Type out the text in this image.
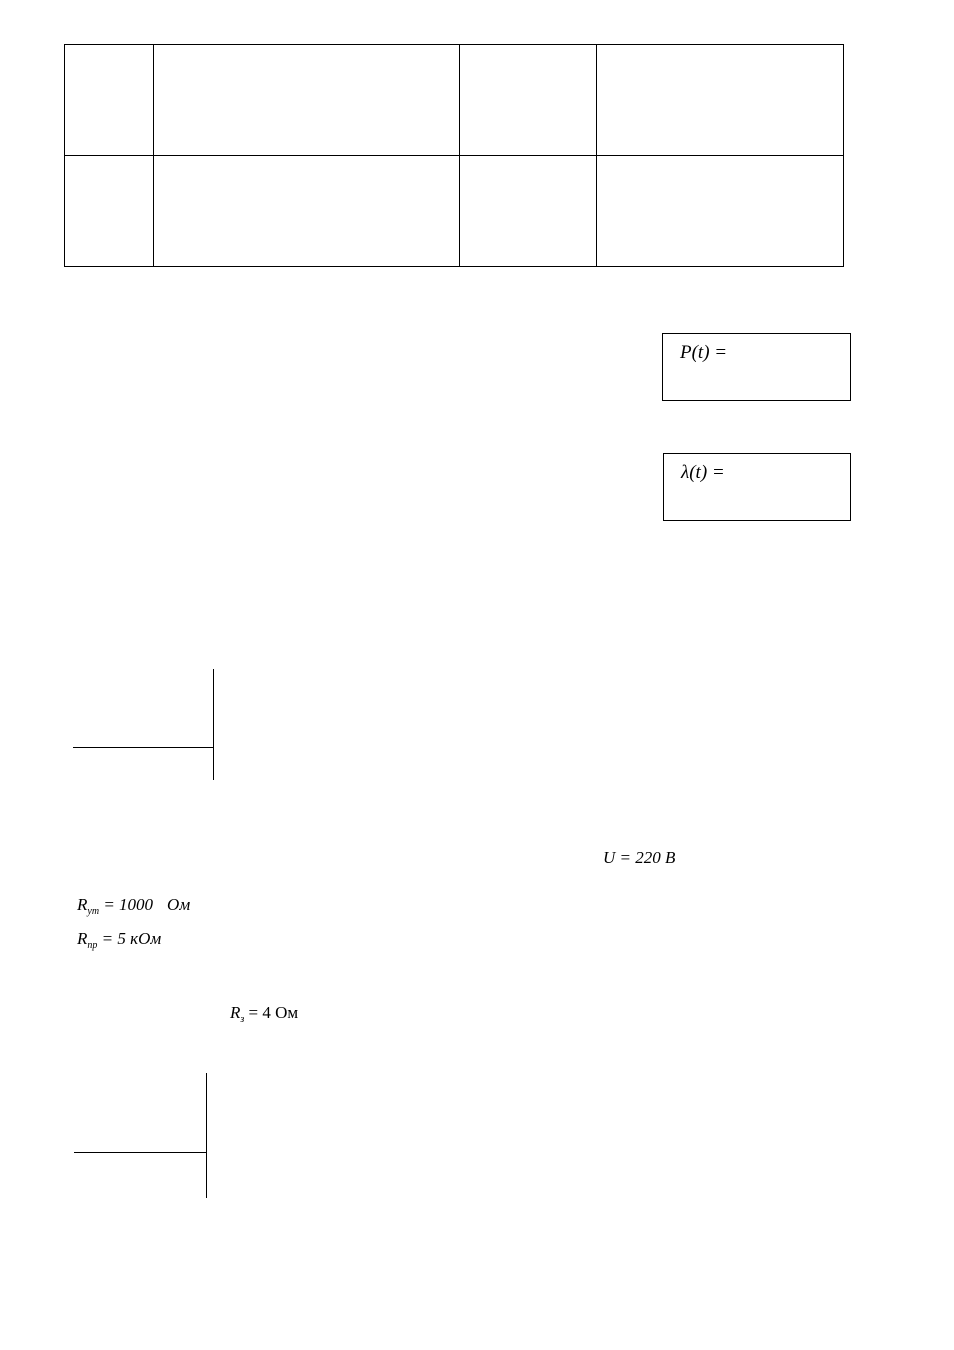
P(t) =
λ(t) =
U = 220 В
$R_{ут} = 1000$ Ом
$R_{пр} = 5$ кОм
$R_з = 4$ Ом
